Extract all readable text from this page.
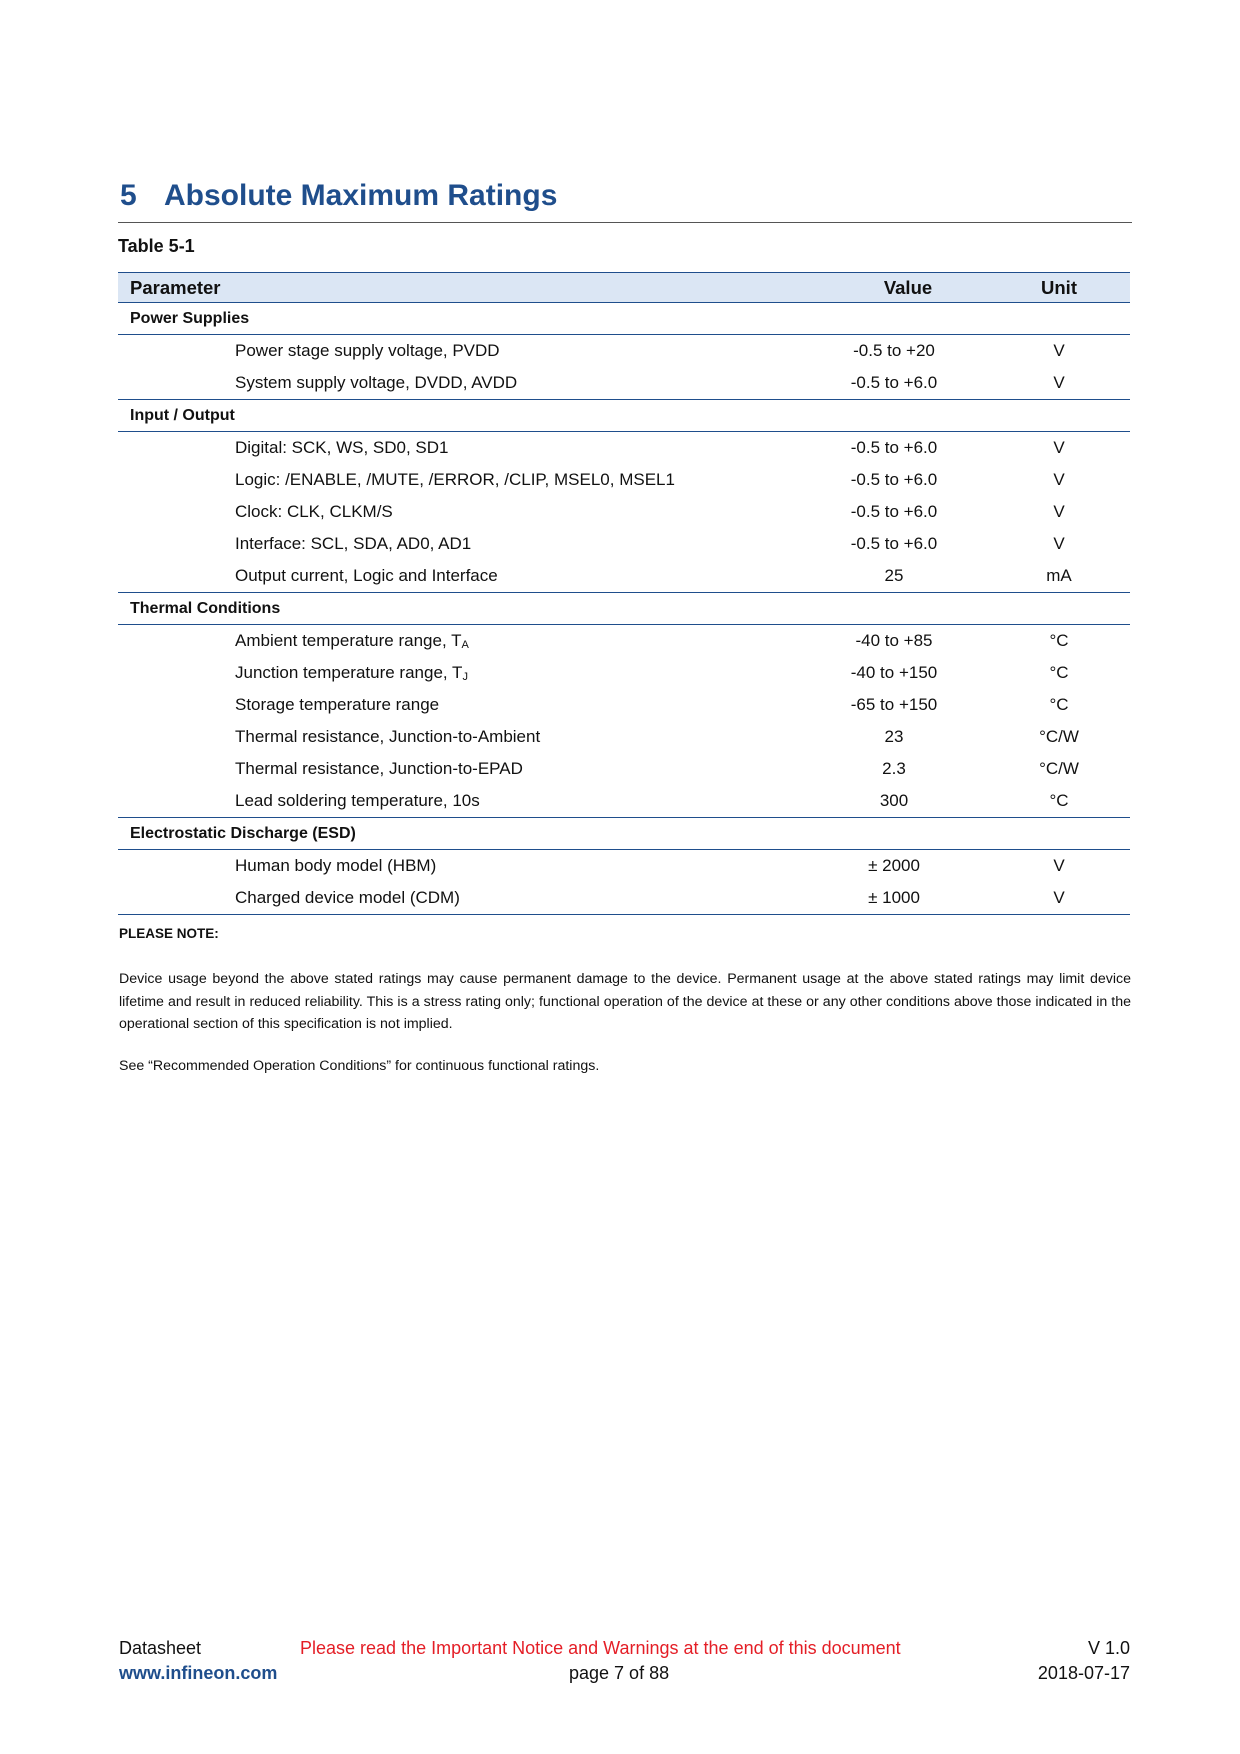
5 Absolute Maximum Ratings
Table 5-1
Parameter	Value	Unit
Power Supplies		
Power stage supply voltage, PVDD	-0.5 to +20	V
System supply voltage, DVDD, AVDD	-0.5 to +6.0	V
Input / Output		
Digital: SCK, WS, SD0, SD1	-0.5 to +6.0	V
Logic: /ENABLE, /MUTE, /ERROR, /CLIP, MSEL0, MSEL1	-0.5 to +6.0	V
Clock: CLK, CLKM/S	-0.5 to +6.0	V
Interface: SCL, SDA, AD0, AD1	-0.5 to +6.0	V
Output current, Logic and Interface	25	mA
Thermal Conditions		
Ambient temperature range, $T_A$	-40 to +85	°C
Junction temperature range, $T_J$	-40 to +150	°C
Storage temperature range	-65 to +150	°C
Thermal resistance, Junction-to-Ambient	23	°C/W
Thermal resistance, Junction-to-EPAD	2.3	°C/W
Lead soldering temperature, 10s	300	°C
Electrostatic Discharge (ESD)		
Human body model (HBM)	± 2000	V
Charged device model (CDM)	± 1000	V
PLEASE NOTE:
Device usage beyond the above stated ratings may cause permanent damage to the device. Permanent usage at the above stated ratings may limit device lifetime and result in reduced reliability. This is a stress rating only; functional operation of the device at these or any other conditions above those indicated in the operational section of this specification is not implied.
See “Recommended Operation Conditions” for continuous functional ratings.
Datasheet	Please read the Important Notice and Warnings at the end of this document	V 1.0
www.infineon.com	page 7 of 88	2018-07-17
